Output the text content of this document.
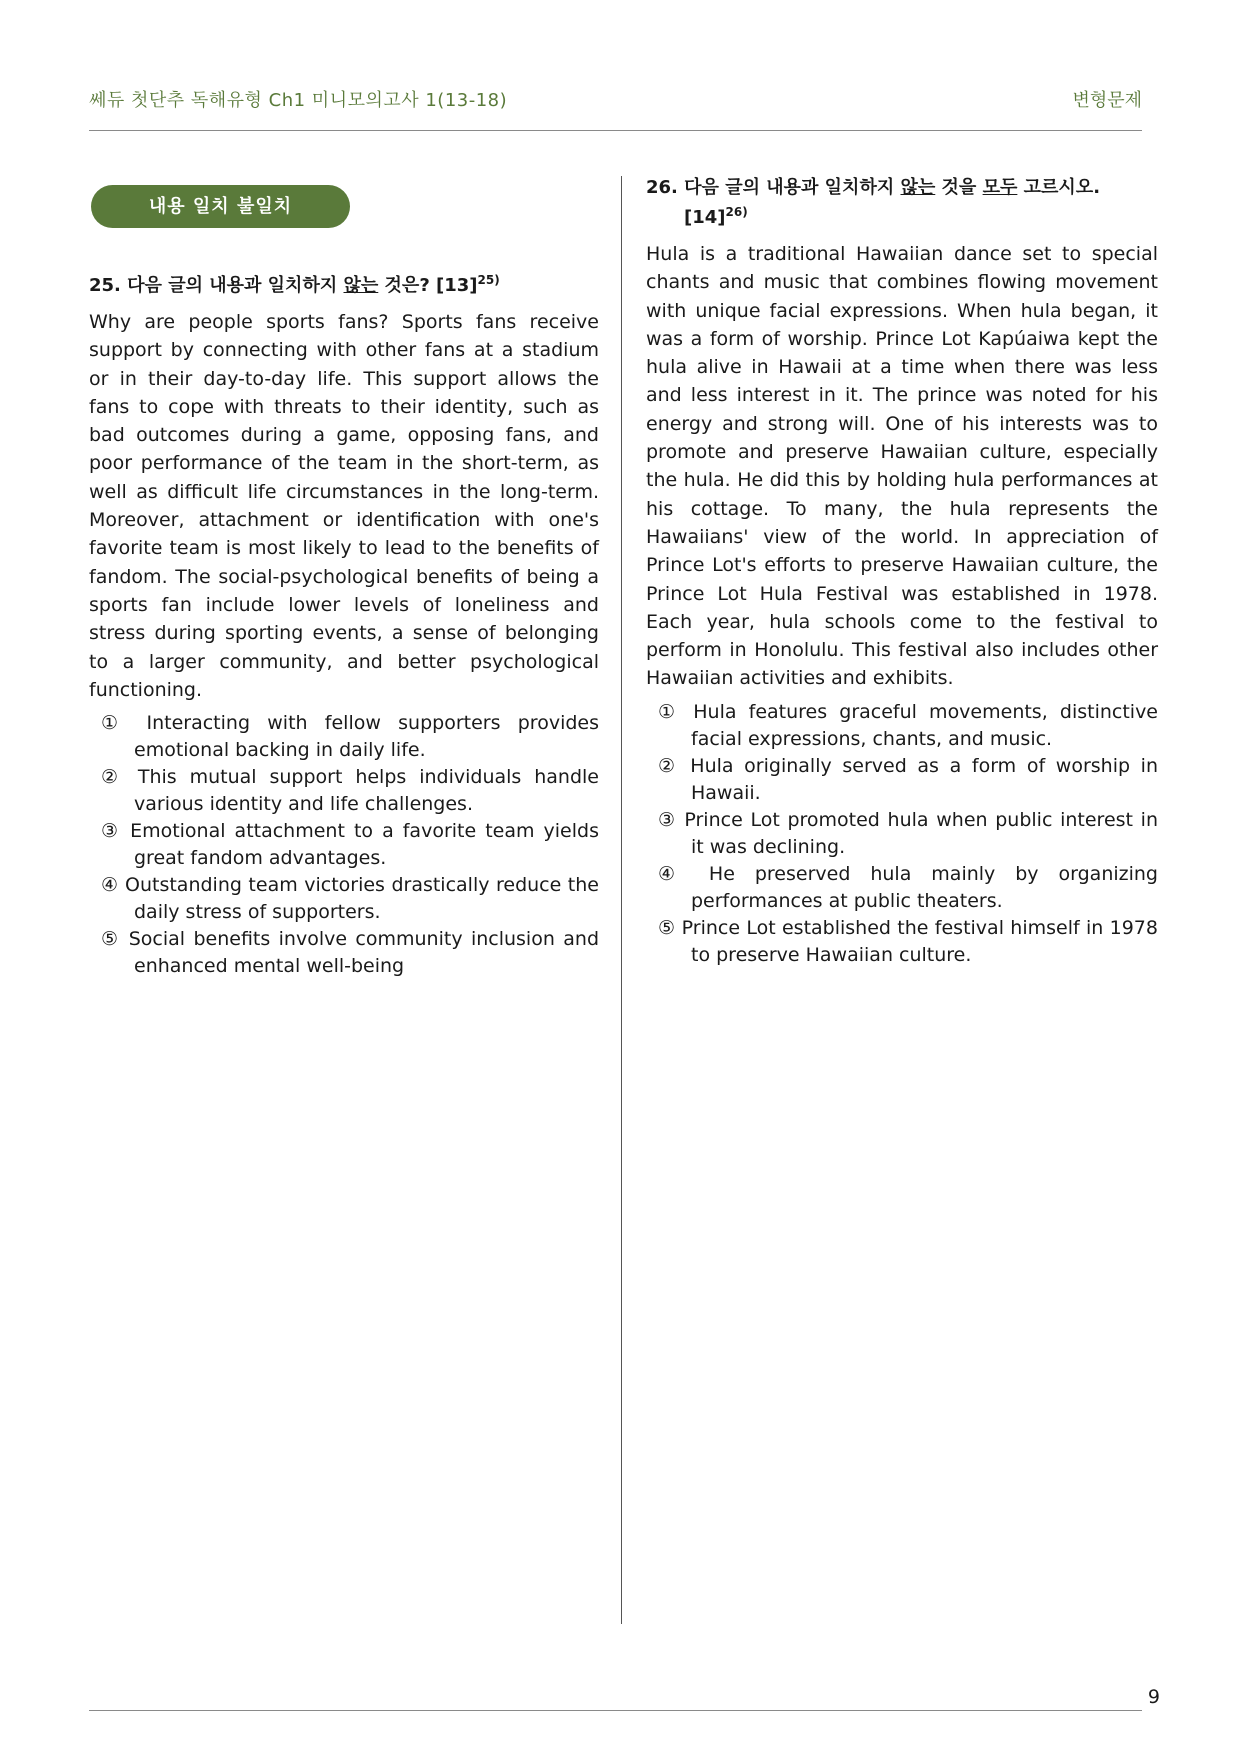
쎄듀 첫단추 독해유형 Ch1 미니모의고사 1(13-18)	변형문제
내용 일치 불일치
25. 다음 글의 내용과 일치하지 않는 것은? $[13]^{25)}$
Why are people sports fans? Sports fans receive support by connecting with other fans at a stadium or in their day-to-day life. This support allows the fans to cope with threats to their identity, such as bad outcomes during a game, opposing fans, and poor performance of the team in the short-term, as well as difficult life circumstances in the long-term. Moreover, attachment or identification with one's favorite team is most likely to lead to the benefits of fandom. The social-psychological benefits of being a sports fan include lower levels of loneliness and stress during sporting events, a sense of belonging to a larger community, and better psychological functioning.
① Interacting with fellow supporters provides emotional backing in daily life.
② This mutual support helps individuals handle various identity and life challenges.
③ Emotional attachment to a favorite team yields great fandom advantages.
④ Outstanding team victories drastically reduce the daily stress of supporters.
⑤ Social benefits involve community inclusion and enhanced mental well-being
26. 다음 글의 내용과 일치하지 않는 것을 모두 고르시오. $[14]^{26)}$
Hula is a traditional Hawaiian dance set to special chants and music that combines flowing movement with unique facial expressions. When hula began, it was a form of worship. Prince Lot Kapúaiwa kept the hula alive in Hawaii at a time when there was less and less interest in it. The prince was noted for his energy and strong will. One of his interests was to promote and preserve Hawaiian culture, especially the hula. He did this by holding hula performances at his cottage. To many, the hula represents the Hawaiians' view of the world. In appreciation of Prince Lot's efforts to preserve Hawaiian culture, the Prince Lot Hula Festival was established in 1978. Each year, hula schools come to the festival to perform in Honolulu. This festival also includes other Hawaiian activities and exhibits.
① Hula features graceful movements, distinctive facial expressions, chants, and music.
② Hula originally served as a form of worship in Hawaii.
③ Prince Lot promoted hula when public interest in it was declining.
④ He preserved hula mainly by organizing performances at public theaters.
⑤ Prince Lot established the festival himself in 1978 to preserve Hawaiian culture.
9
